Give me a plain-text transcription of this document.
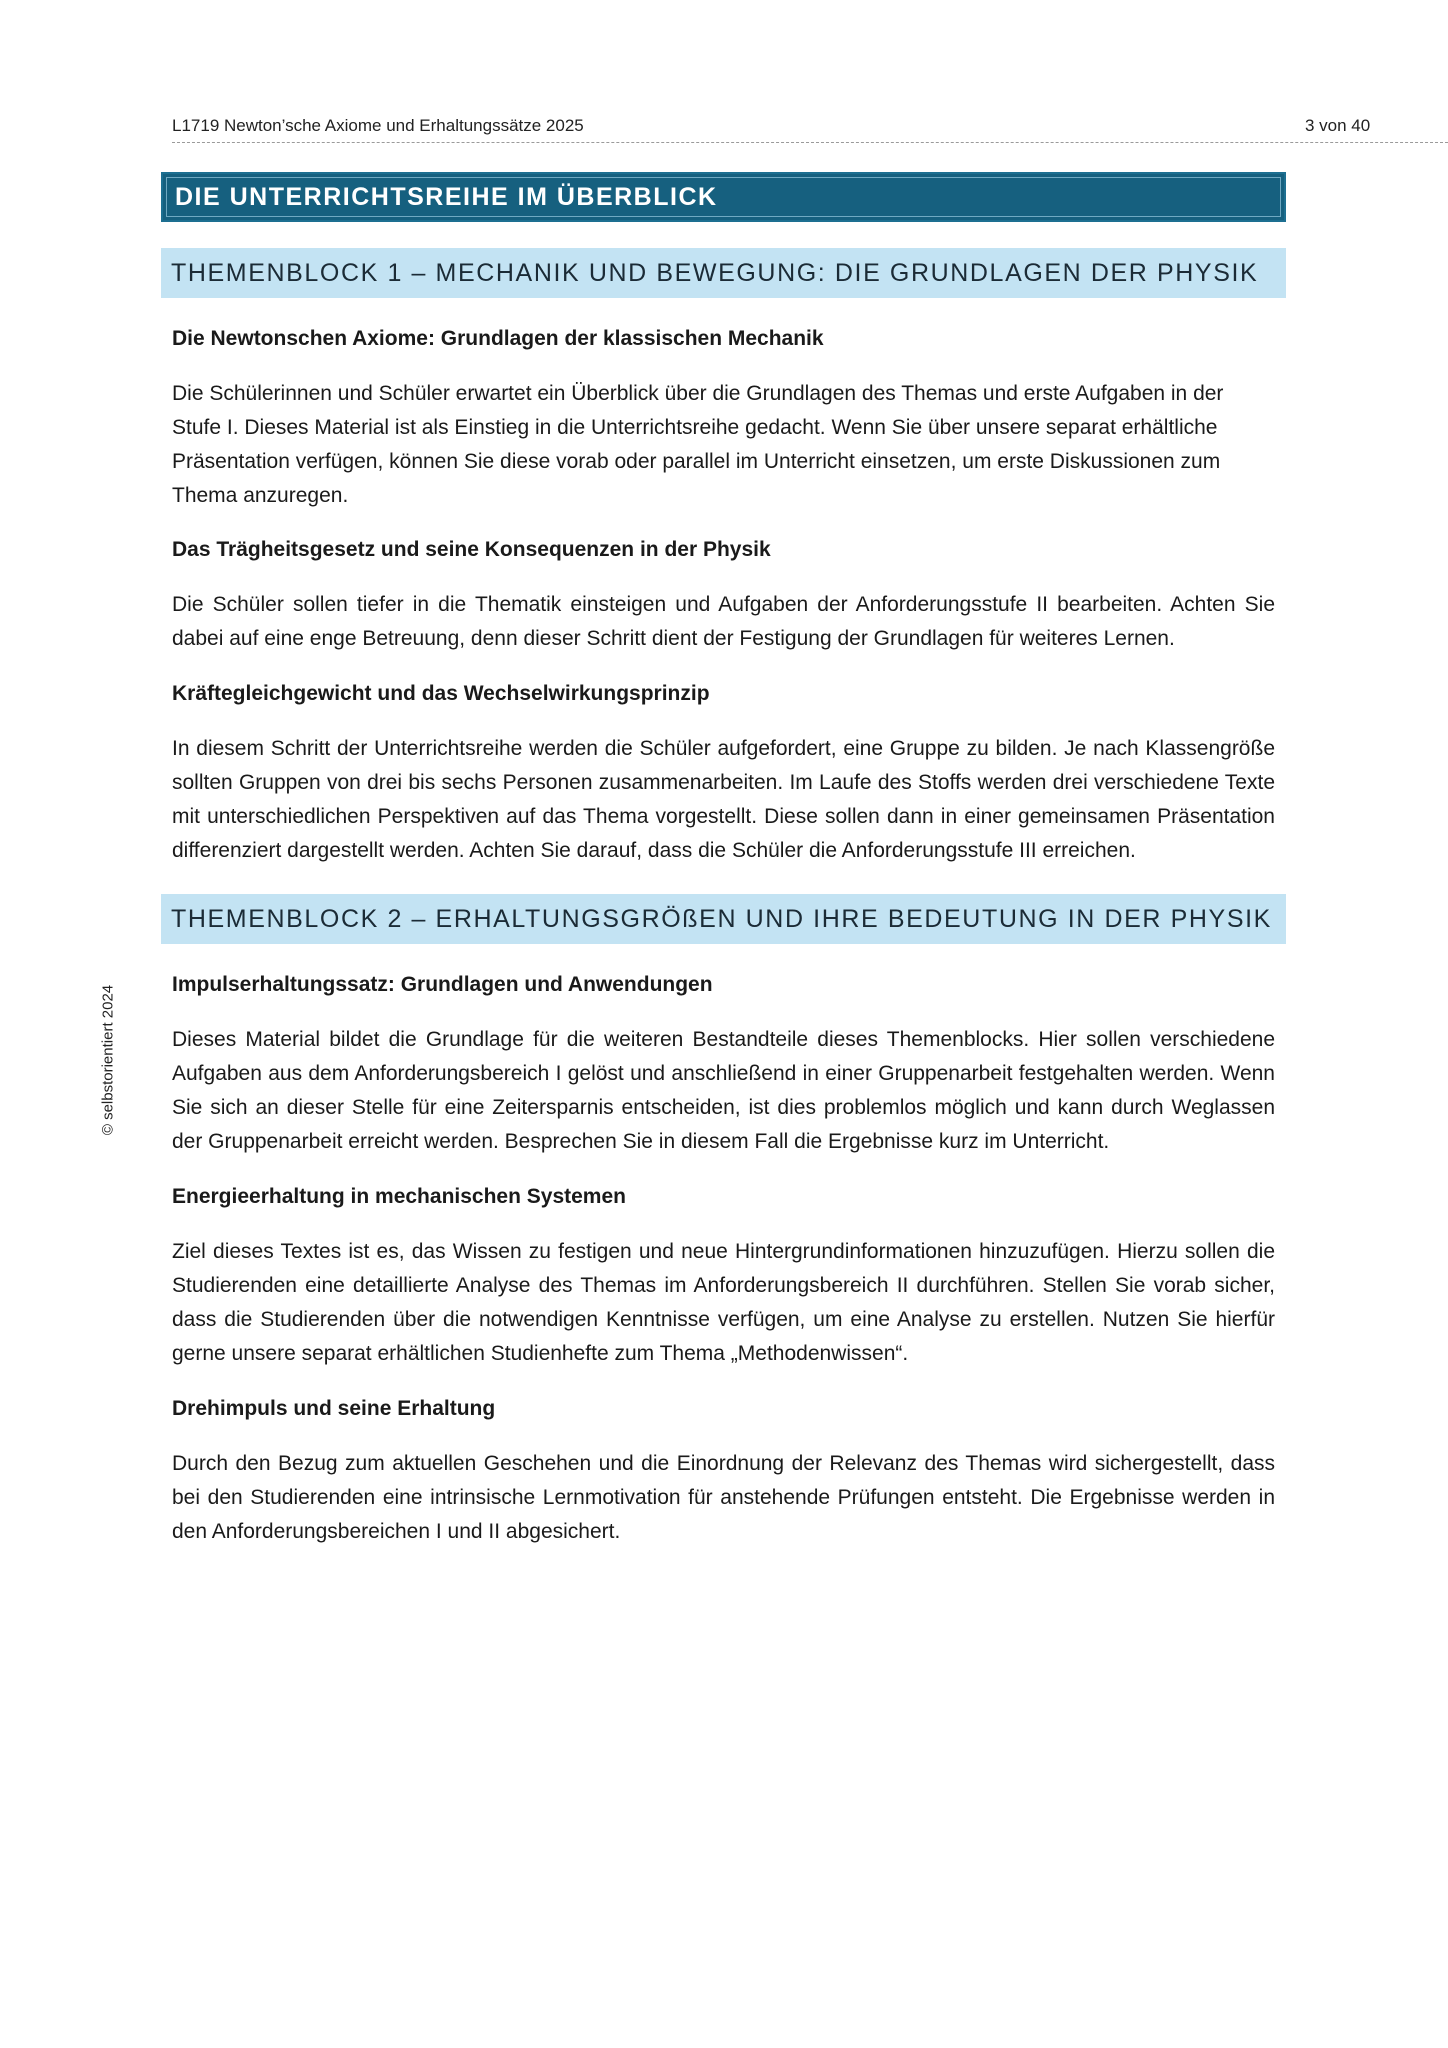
L1719 Newton’sche Axiome und Erhaltungssätze 2025	3 von 40
© selbstorientiert 2024
DIE UNTERRICHTSREIHE IM ÜBERBLICK
THEMENBLOCK 1 – MECHANIK UND BEWEGUNG: DIE GRUNDLAGEN DER PHYSIK
Die Newtonschen Axiome: Grundlagen der klassischen Mechanik

Die Schülerinnen und Schüler erwartet ein Überblick über die Grundlagen des Themas und erste Aufgaben in der Stufe I. Dieses Material ist als Einstieg in die Unterrichtsreihe gedacht. Wenn Sie über unsere separat erhältliche Präsentation verfügen, können Sie diese vorab oder parallel im Unterricht einsetzen, um erste Diskussionen zum Thema anzuregen.

Das Trägheitsgesetz und seine Konsequenzen in der Physik

Die Schüler sollen tiefer in die Thematik einsteigen und Aufgaben der Anforderungsstufe II bearbeiten. Achten Sie dabei auf eine enge Betreuung, denn dieser Schritt dient der Festigung der Grundlagen für weiteres Lernen.

Kräftegleichgewicht und das Wechselwirkungsprinzip

In diesem Schritt der Unterrichtsreihe werden die Schüler aufgefordert, eine Gruppe zu bilden. Je nach Klassengröße sollten Gruppen von drei bis sechs Personen zusammenarbeiten. Im Laufe des Stoffs werden drei verschiedene Texte mit unterschiedlichen Perspektiven auf das Thema vorgestellt. Diese sollen dann in einer gemeinsamen Präsentation differenziert dargestellt werden. Achten Sie darauf, dass die Schüler die Anforderungsstufe III erreichen.

THEMENBLOCK 2 – ERHALTUNGSGRÖßEN UND IHRE BEDEUTUNG IN DER PHYSIK
Impulserhaltungssatz: Grundlagen und Anwendungen

Dieses Material bildet die Grundlage für die weiteren Bestandteile dieses Themenblocks. Hier sollen verschiedene Aufgaben aus dem Anforderungsbereich I gelöst und anschließend in einer Gruppenarbeit festgehalten werden. Wenn Sie sich an dieser Stelle für eine Zeitersparnis entscheiden, ist dies problemlos möglich und kann durch Weglassen der Gruppenarbeit erreicht werden. Besprechen Sie in diesem Fall die Ergebnisse kurz im Unterricht.

Energieerhaltung in mechanischen Systemen

Ziel dieses Textes ist es, das Wissen zu festigen und neue Hintergrundinformationen hinzuzufügen. Hierzu sollen die Studierenden eine detaillierte Analyse des Themas im Anforderungsbereich II durchführen. Stellen Sie vorab sicher, dass die Studierenden über die notwendigen Kenntnisse verfügen, um eine Analyse zu erstellen. Nutzen Sie hierfür gerne unsere separat erhältlichen Studienhefte zum Thema „Methodenwissen“.

Drehimpuls und seine Erhaltung

Durch den Bezug zum aktuellen Geschehen und die Einordnung der Relevanz des Themas wird sichergestellt, dass bei den Studierenden eine intrinsische Lernmotivation für anstehende Prüfungen entsteht. Die Ergebnisse werden in den Anforderungsbereichen I und II abgesichert.
